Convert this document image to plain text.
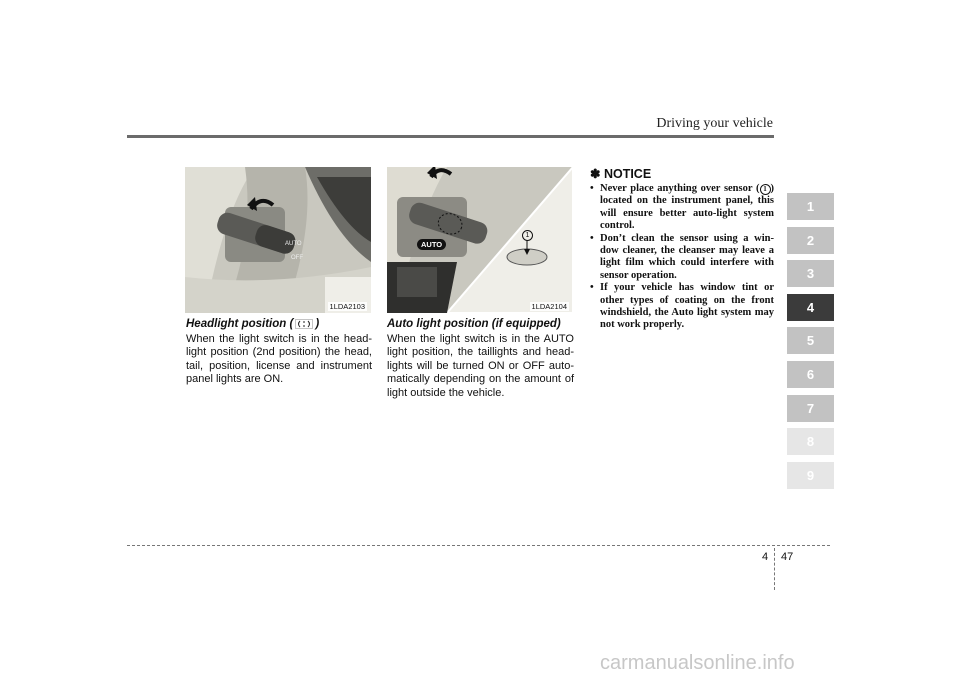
Driving your vehicle
AUTO
OFF
1LDA2103
AUTO
1
1LDA2104
Headlight position ( )
When the light switch is in the head-light position (2nd position) the head, tail, position, license and instrument panel lights are ON.
Auto light position (if equipped)
When the light switch is in the AUTO light position, the taillights and head-lights will be turned ON or OFF auto-matically depending on the amount of light outside the vehicle.
✽ NOTICE
• Never place anything over sensor ( 1 ) located on the instrument panel, this will ensure better auto-light system control.
• Don’t clean the sensor using a win-dow cleaner, the cleanser may leave a light film which could interfere with sensor operation.
• If your vehicle has window tint or other types of coating on the front windshield, the Auto light system may not work properly.
1
2
3
4
5
6
7
8
9
4 47
carmanualsonline.info
